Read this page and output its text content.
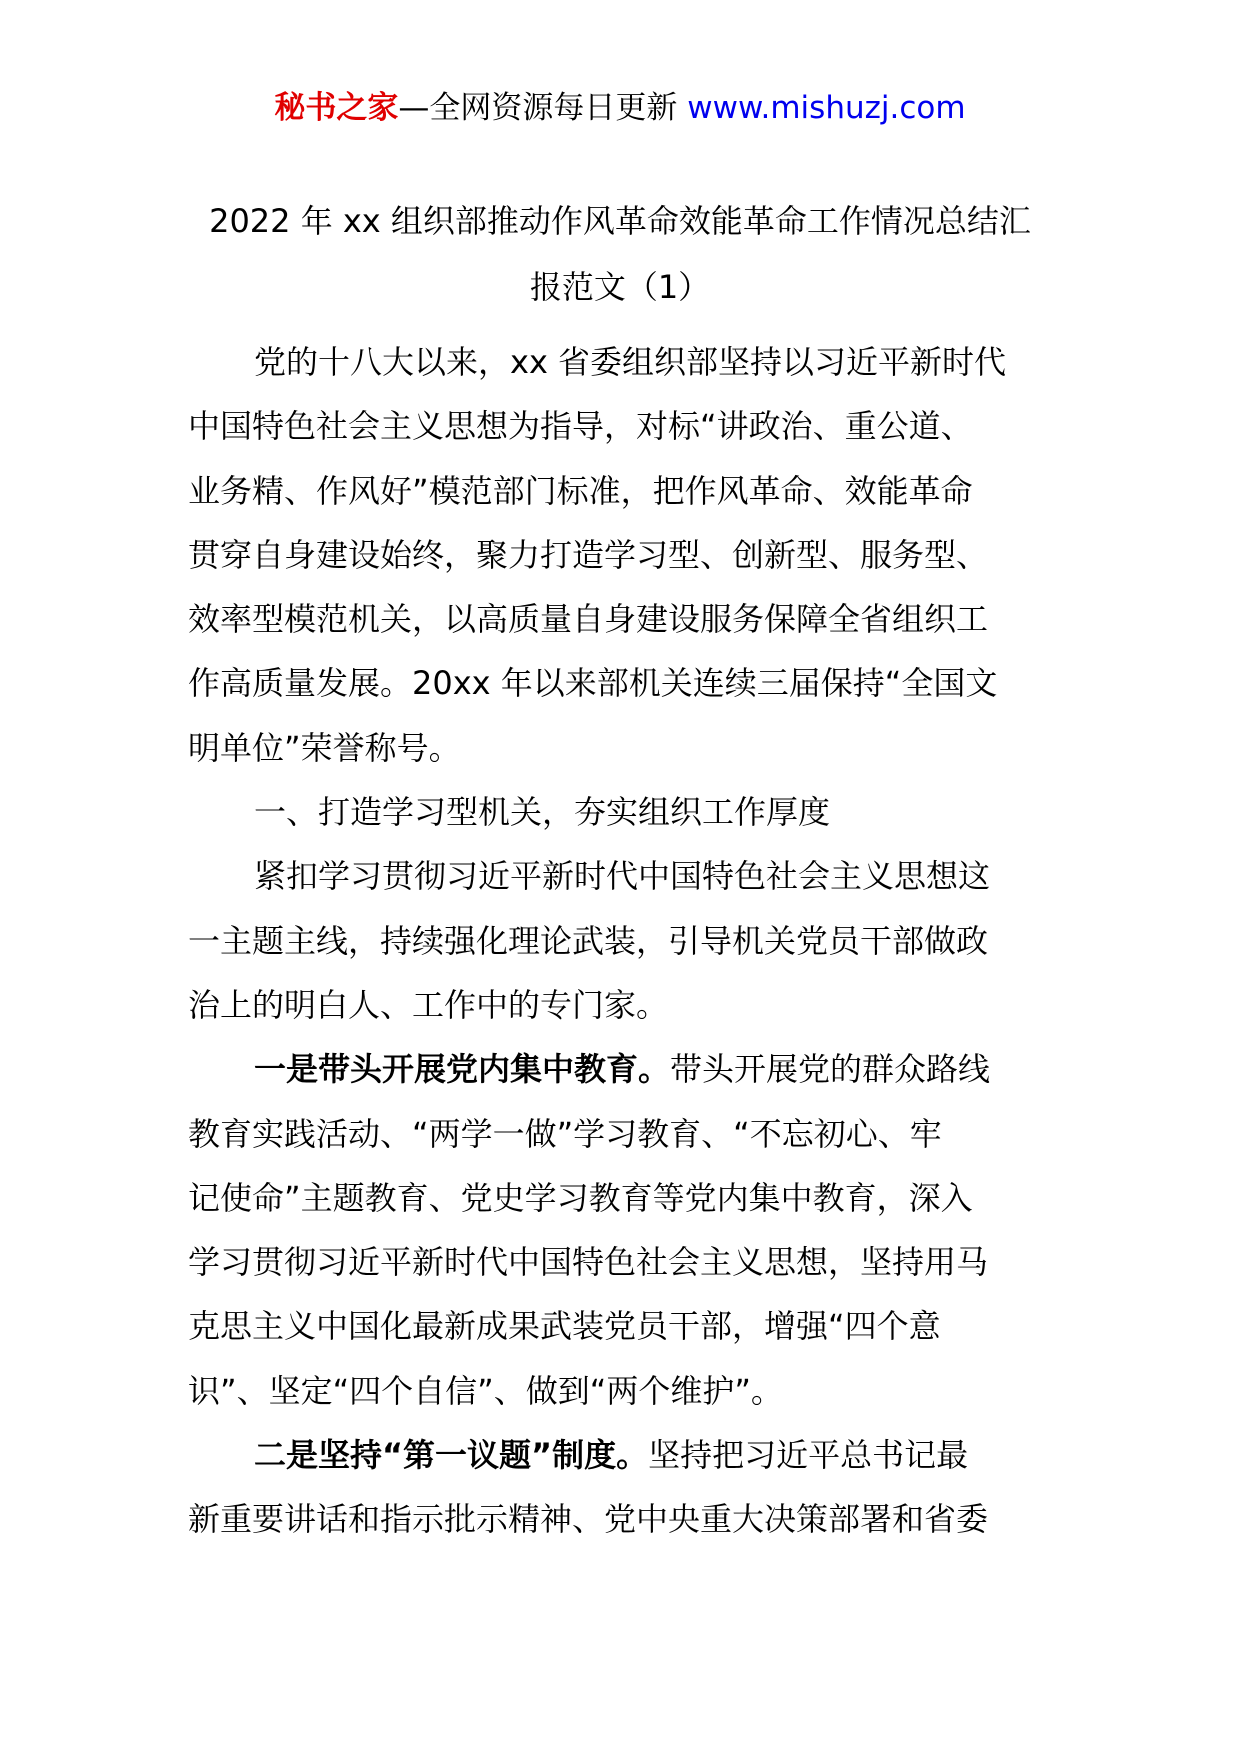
秘书之家—全网资源每日更新 www.mishuzj.com
2022 年 xx 组织部推动作风革命效能革命工作情况总结汇
报范文（1）
党的十八大以来，xx 省委组织部坚持以习近平新时代
中国特色社会主义思想为指导，对标“讲政治、重公道、
业务精、作风好”模范部门标准，把作风革命、效能革命
贯穿自身建设始终，聚力打造学习型、创新型、服务型、
效率型模范机关，以高质量自身建设服务保障全省组织工
作高质量发展。20xx 年以来部机关连续三届保持“全国文
明单位”荣誉称号。
一、打造学习型机关，夯实组织工作厚度
紧扣学习贯彻习近平新时代中国特色社会主义思想这
一主题主线，持续强化理论武装，引导机关党员干部做政
治上的明白人、工作中的专门家。
一是带头开展党内集中教育。带头开展党的群众路线
教育实践活动、“两学一做”学习教育、“不忘初心、牢
记使命”主题教育、党史学习教育等党内集中教育，深入
学习贯彻习近平新时代中国特色社会主义思想，坚持用马
克思主义中国化最新成果武装党员干部，增强“四个意
识”、坚定“四个自信”、做到“两个维护”。
二是坚持“第一议题”制度。坚持把习近平总书记最
新重要讲话和指示批示精神、党中央重大决策部署和省委
